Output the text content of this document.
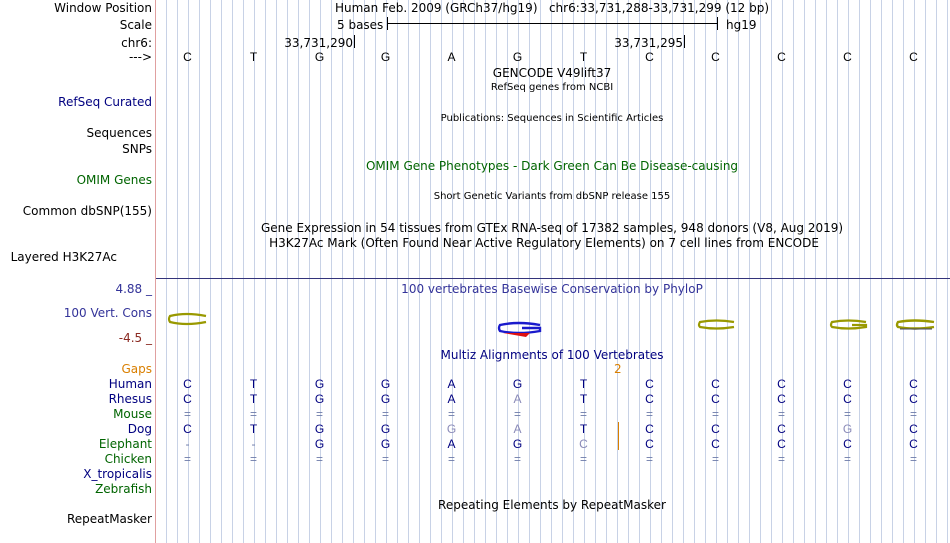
Window Position	Human Feb. 2009 (GRCh37/hg19) chr6:33,731,288-33,731,299 (12 bp)
Scale	5 bases	hg19
chr6:	33,731,290	33,731,295
--->	C	T	G	G	A	G	T	C	C	C	C	C
GENCODE V49lift37
RefSeq genes from NCBI
RefSeq Curated
Sequences
Publications: Sequences in Scientific Articles
SNPs
OMIM Gene Phenotypes - Dark Green Can Be Disease-causing
OMIM Genes
Short Genetic Variants from dbSNP release 155
Common dbSNP(155)
Gene Expression in 54 tissues from GTEx RNA-seq of 17382 samples, 948 donors (V8, Aug 2019)
H3K27Ac Mark (Often Found Near Active Regulatory Elements) on 7 cell lines from ENCODE
Layered H3K27Ac
4.88 _	100 vertebrates Basewise Conservation by PhyloP
100 Vert. Cons
-4.5 _
Multiz Alignments of 100 Vertebrates
Gaps	2
Human	C	T	G	G	A	G	T	C	C	C	C	C
Rhesus	C	T	G	G	A	A	T	C	C	C	C	C
Mouse	=	=	=	=	=	=	=	=	=	=	=	=
Dog	C	T	G	G	G	A	T	C	C	C	G	C
Elephant	-	-	G	G	A	G	C	C	C	C	C	C
Chicken	=	=	=	=	=	=	=	=	=	=	=	=
X_tropicalis
Zebrafish
Repeating Elements by RepeatMasker
RepeatMasker
